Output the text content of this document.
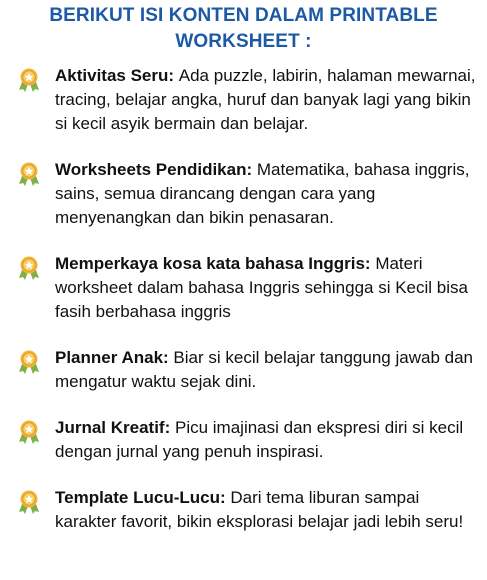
BERIKUT ISI KONTEN DALAM PRINTABLE
WORKSHEET :
Aktivitas Seru: Ada puzzle, labirin, halaman mewarnai, tracing, belajar angka, huruf dan banyak lagi yang bikin si kecil asyik bermain dan belajar.
Worksheets Pendidikan: Matematika, bahasa inggris, sains, semua dirancang dengan cara yang menyenangkan dan bikin penasaran.
Memperkaya kosa kata bahasa Inggris: Materi worksheet dalam bahasa Inggris sehingga si Kecil bisa fasih berbahasa inggris
Planner Anak: Biar si kecil belajar tanggung jawab dan mengatur waktu sejak dini.
Jurnal Kreatif: Picu imajinasi dan ekspresi diri si kecil dengan jurnal yang penuh inspirasi.
Template Lucu-Lucu: Dari tema liburan sampai karakter favorit, bikin eksplorasi belajar jadi lebih seru!
